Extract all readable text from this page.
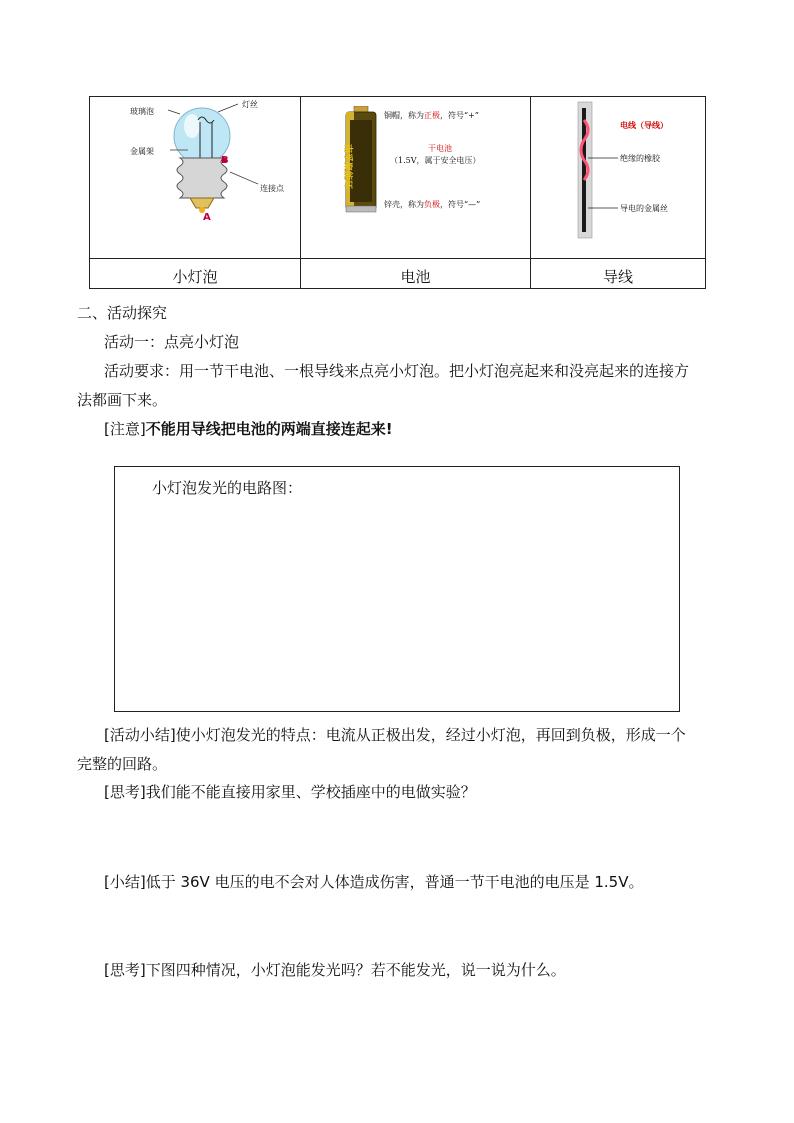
小灯泡	电池	导线
玻璃泡
灯丝
金属架
连接点
B
A
南孚聚能环
铜帽，称为正极，符号“+”
干电池
（1.5V，属于安全电压）
锌壳，称为负极，符号“—”
电线（导线）
绝缘的橡胶
导电的金属丝
二、活动探究
活动一：点亮小灯泡
活动要求：用一节干电池、一根导线来点亮小灯泡。把小灯泡亮起来和没亮起来的连接方
法都画下来。
[注意]不能用导线把电池的两端直接连起来!
小灯泡发光的电路图：
[活动小结]使小灯泡发光的特点：电流从正极出发，经过小灯泡，再回到负极，形成一个
完整的回路。
[思考]我们能不能直接用家里、学校插座中的电做实验？
[小结]低于 36V 电压的电不会对人体造成伤害，普通一节干电池的电压是 1.5V。
[思考]下图四种情况，小灯泡能发光吗？若不能发光，说一说为什么。
